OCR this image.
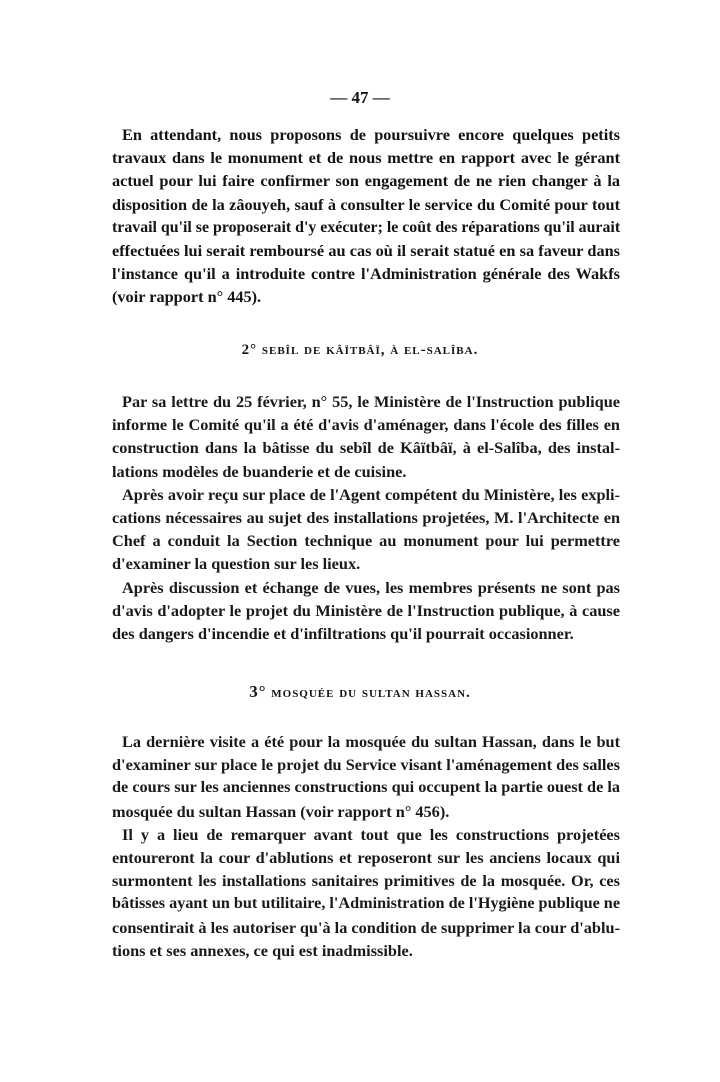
— 47 —
En attendant, nous proposons de poursuivre encore quelques petits
travaux dans le monument et de nous mettre en rapport avec le gérant
actuel pour lui faire confirmer son engagement de ne rien changer à la
disposition de la zâouyeh, sauf à consulter le service du Comité pour tout
travail qu'il se proposerait d'y exécuter; le coût des réparations qu'il aurait
effectuées lui serait remboursé au cas où il serait statué en sa faveur dans
l'instance qu'il a introduite contre l'Administration générale des Wakfs
(voir rapport n° 445).
2° sebîl de kâïtbâï, à el-salîba.
Par sa lettre du 25 février, n° 55, le Ministère de l'Instruction publique
informe le Comité qu'il a été d'avis d'aménager, dans l'école des filles en
construction dans la bâtisse du sebîl de Kâïtbâï, à el-Salîba, des instal-
lations modèles de buanderie et de cuisine.
Après avoir reçu sur place de l'Agent compétent du Ministère, les expli-
cations nécessaires au sujet des installations projetées, M. l'Architecte en
Chef a conduit la Section technique au monument pour lui permettre
d'examiner la question sur les lieux.
Après discussion et échange de vues, les membres présents ne sont pas
d'avis d'adopter le projet du Ministère de l'Instruction publique, à cause
des dangers d'incendie et d'infiltrations qu'il pourrait occasionner.
3° mosquée du sultan hassan.
La dernière visite a été pour la mosquée du sultan Hassan, dans le but
d'examiner sur place le projet du Service visant l'aménagement des salles
de cours sur les anciennes constructions qui occupent la partie ouest de la
mosquée du sultan Hassan (voir rapport n° 456).
Il y a lieu de remarquer avant tout que les constructions projetées
entoureront la cour d'ablutions et reposeront sur les anciens locaux qui
surmontent les installations sanitaires primitives de la mosquée. Or, ces
bâtisses ayant un but utilitaire, l'Administration de l'Hygiène publique ne
consentirait à les autoriser qu'à la condition de supprimer la cour d'ablu-
tions et ses annexes, ce qui est inadmissible.
